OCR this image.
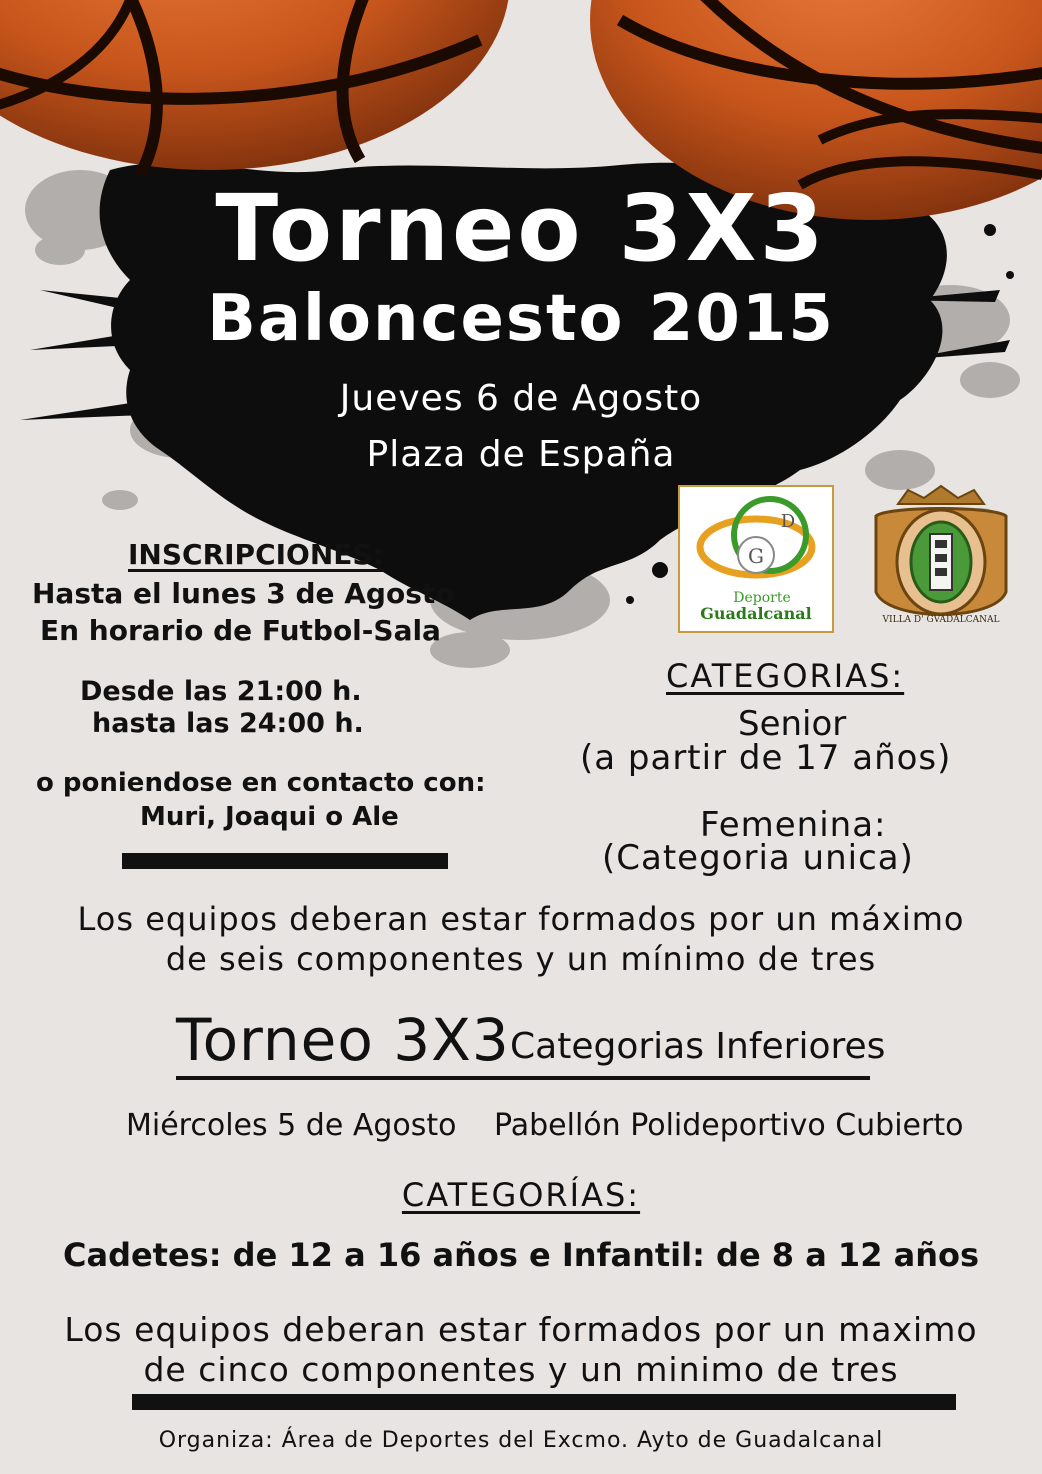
Torneo 3X3
Baloncesto 2015
Jueves 6 de Agosto
Plaza de España
G
D
Deporte
Guadalcanal	VILLA D' GVADALCANAL
INSCRIPCIONES:
Hasta el lunes 3 de Agosto
En horario de Futbol-Sala
Desde las 21:00 h.
hasta las 24:00 h.
o poniendose en contacto con:
Muri, Joaqui o Ale
CATEGORIAS:
Senior
(a partir de 17 años)
Femenina:
(Categoria unica)
Los equipos deberan estar formados por un máximo
de seis componentes y un mínimo de tres
Torneo 3X3 Categorias Inferiores
Miércoles 5 de Agosto Pabellón Polideportivo Cubierto
CATEGORÍAS:
Cadetes: de 12 a 16 años e Infantil: de 8 a 12 años
Los equipos deberan estar formados por un maximo
de cinco componentes y un minimo de tres
Organiza: Área de Deportes del Excmo. Ayto de Guadalcanal
